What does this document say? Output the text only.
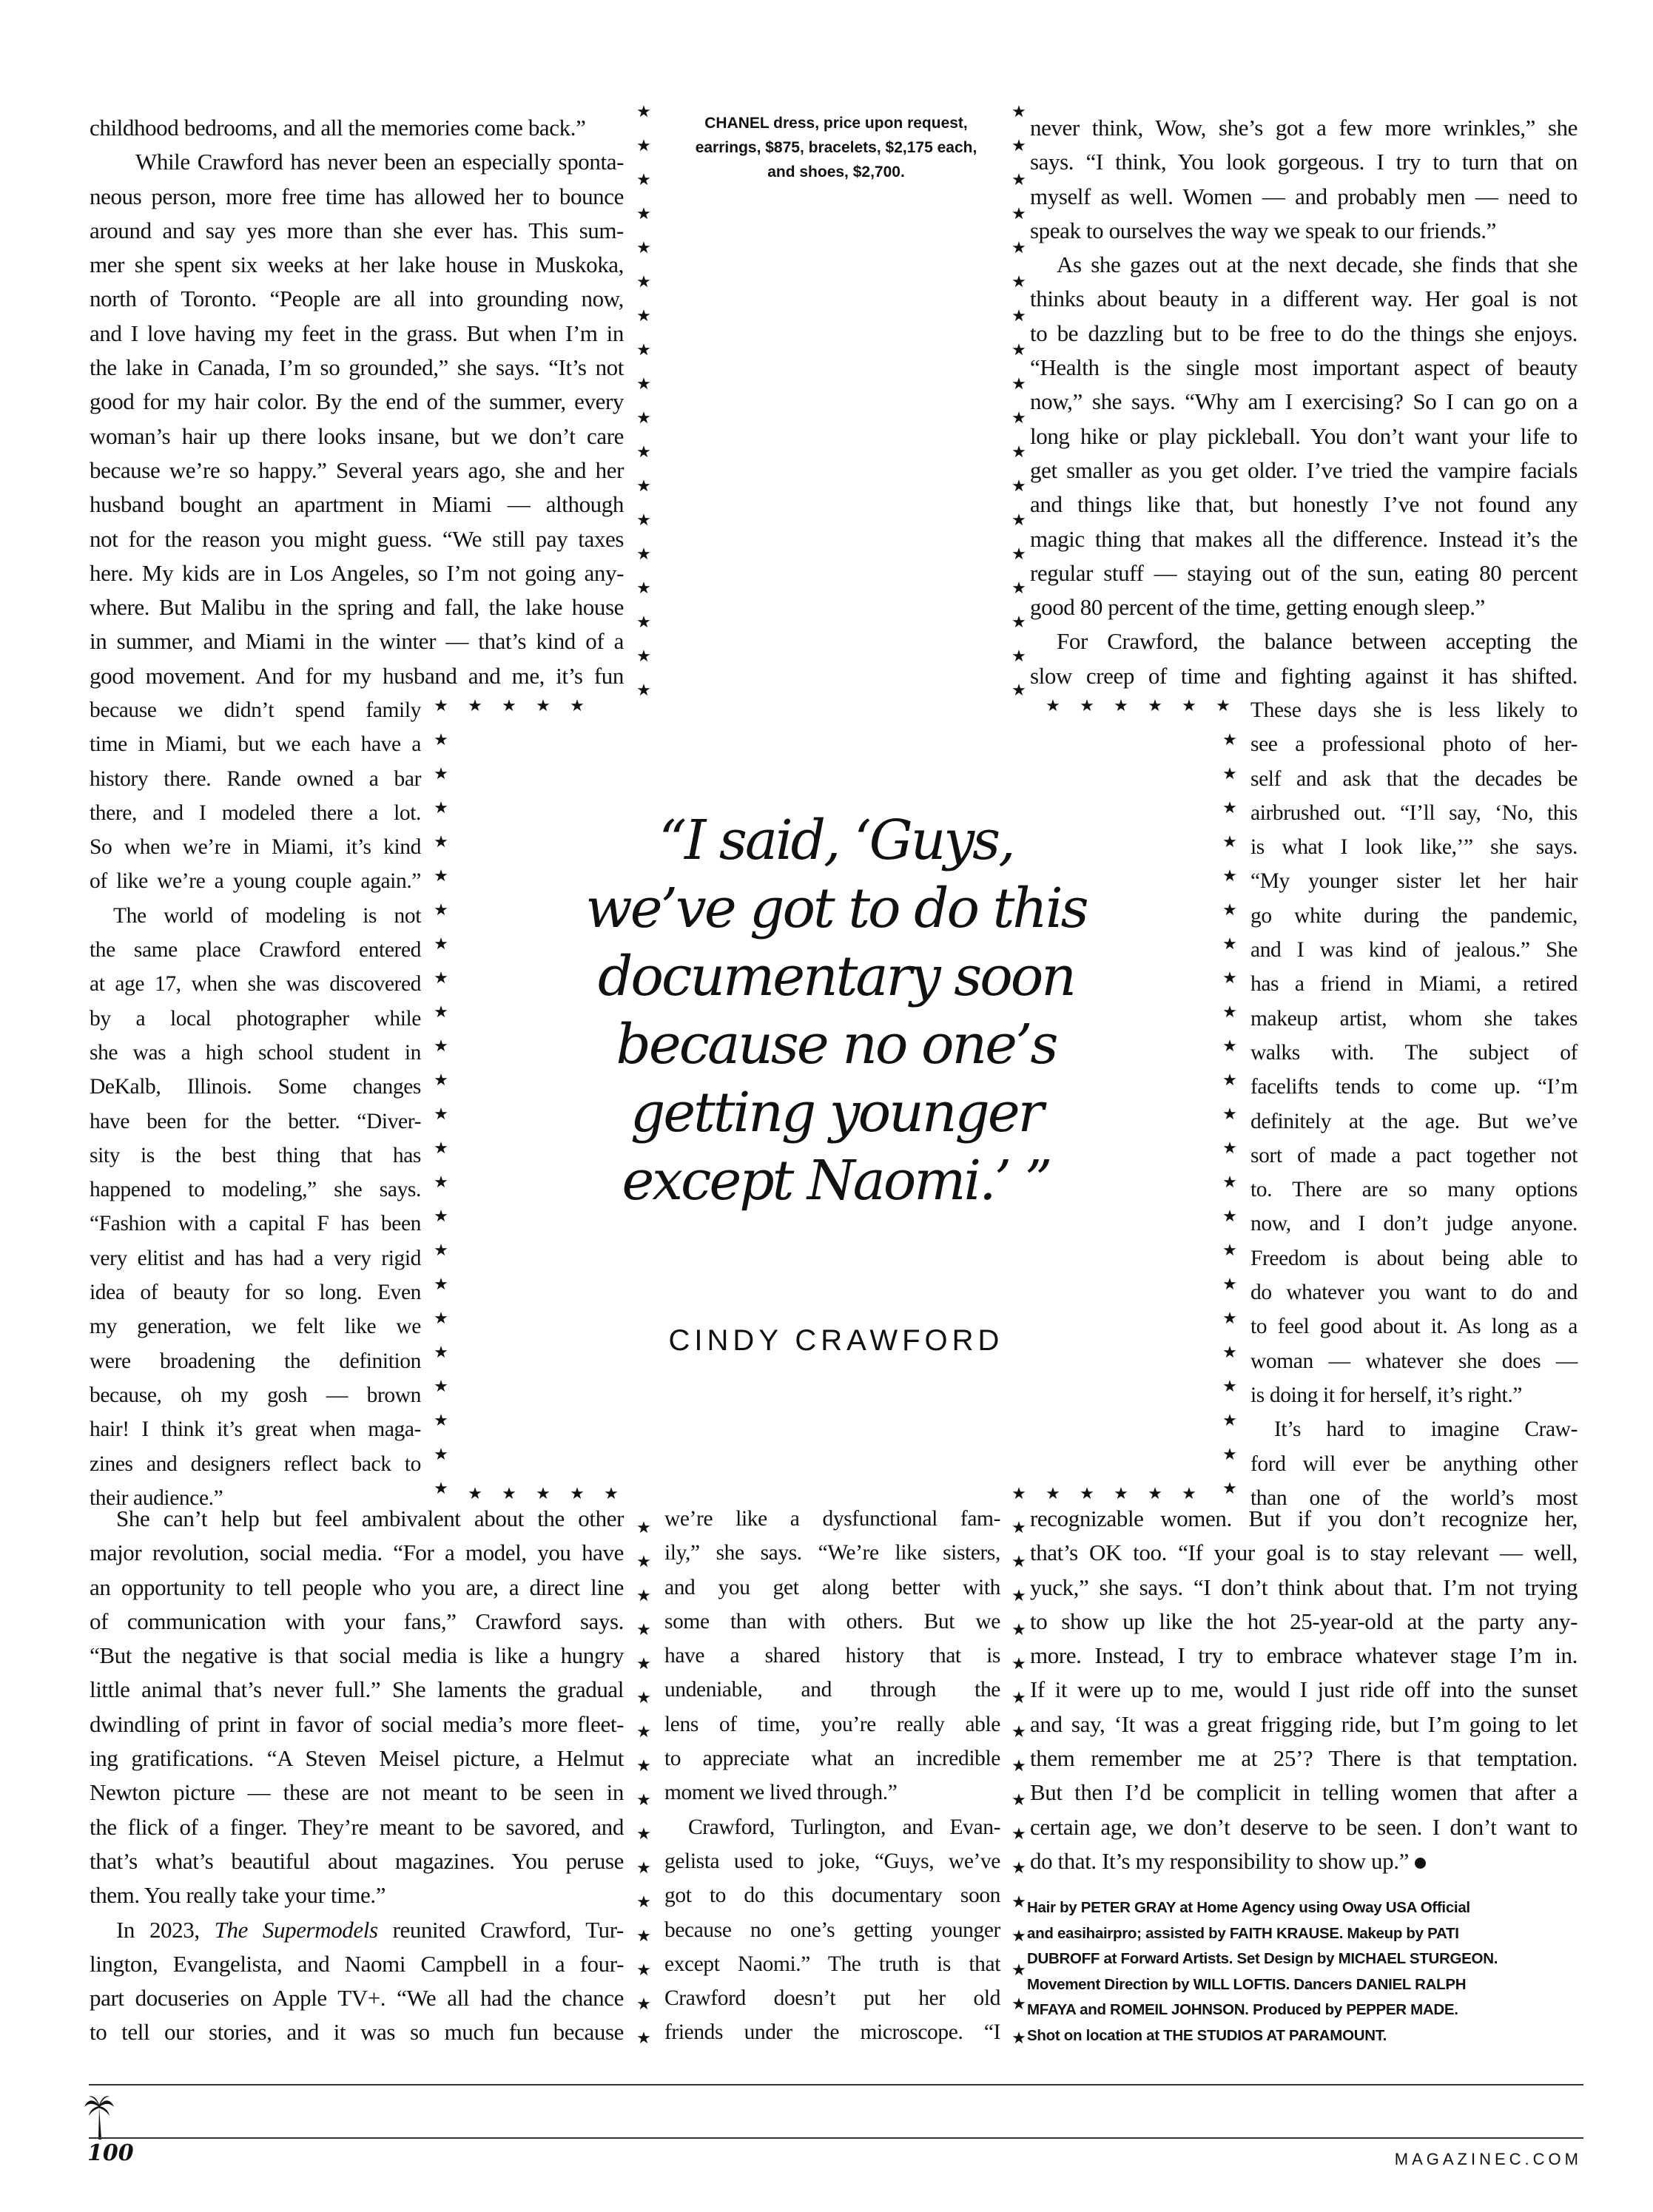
CHANEL dress, price upon request,
earrings, $875, bracelets, $2,175 each,
and shoes, $2,700.
childhood bedrooms, and all the memories come back.”
While Crawford has never been an especially sponta-
neous person, more free time has allowed her to bounce
around and say yes more than she ever has. This sum-
mer she spent six weeks at her lake house in Muskoka,
north of Toronto. “People are all into grounding now,
and I love having my feet in the grass. But when I’m in
the lake in Canada, I’m so grounded,” she says. “It’s not
good for my hair color. By the end of the summer, every
woman’s hair up there looks insane, but we don’t care
because we’re so happy.” Several years ago, she and her
husband bought an apartment in Miami — although
not for the reason you might guess. “We still pay taxes
here. My kids are in Los Angeles, so I’m not going any-
where. But Malibu in the spring and fall, the lake house
in summer, and Miami in the winter — that’s kind of a
good movement. And for my husband and me, it’s fun
because we didn’t spend family
time in Miami, but we each have a
history there. Rande owned a bar
there, and I modeled there a lot.
So when we’re in Miami, it’s kind
of like we’re a young couple again.”
The world of modeling is not
the same place Crawford entered
at age 17, when she was discovered
by a local photographer while
she was a high school student in
DeKalb, Illinois. Some changes
have been for the better. “Diver-
sity is the best thing that has
happened to modeling,” she says.
“Fashion with a capital F has been
very elitist and has had a very rigid
idea of beauty for so long. Even
my generation, we felt like we
were broadening the definition
because, oh my gosh — brown
hair! I think it’s great when maga-
zines and designers reflect back to
their audience.”
She can’t help but feel ambivalent about the other
major revolution, social media. “For a model, you have
an opportunity to tell people who you are, a direct line
of communication with your fans,” Crawford says.
“But the negative is that social media is like a hungry
little animal that’s never full.” She laments the gradual
dwindling of print in favor of social media’s more fleet-
ing gratifications. “A Steven Meisel picture, a Helmut
Newton picture — these are not meant to be seen in
the flick of a finger. They’re meant to be savored, and
that’s what’s beautiful about magazines. You peruse
them. You really take your time.”
In 2023, The Supermodels reunited Crawford, Tur-
lington, Evangelista, and Naomi Campbell in a four-
part docuseries on Apple TV+. “We all had the chance
to tell our stories, and it was so much fun because
we’re like a dysfunctional fam-
ily,” she says. “We’re like sisters,
and you get along better with
some than with others. But we
have a shared history that is
undeniable, and through the
lens of time, you’re really able
to appreciate what an incredible
moment we lived through.”
Crawford, Turlington, and Evan-
gelista used to joke, “Guys, we’ve
got to do this documentary soon
because no one’s getting younger
except Naomi.” The truth is that
Crawford doesn’t put her old
friends under the microscope. “I
never think, Wow, she’s got a few more wrinkles,” she
says. “I think, You look gorgeous. I try to turn that on
myself as well. Women — and probably men — need to
speak to ourselves the way we speak to our friends.”
As she gazes out at the next decade, she finds that she
thinks about beauty in a different way. Her goal is not
to be dazzling but to be free to do the things she enjoys.
“Health is the single most important aspect of beauty
now,” she says. “Why am I exercising? So I can go on a
long hike or play pickleball. You don’t want your life to
get smaller as you get older. I’ve tried the vampire facials
and things like that, but honestly I’ve not found any
magic thing that makes all the difference. Instead it’s the
regular stuff — staying out of the sun, eating 80 percent
good 80 percent of the time, getting enough sleep.”
For Crawford, the balance between accepting the
slow creep of time and fighting against it has shifted.
These days she is less likely to
see a professional photo of her-
self and ask that the decades be
airbrushed out. “I’ll say, ‘No, this
is what I look like,’” she says.
“My younger sister let her hair
go white during the pandemic,
and I was kind of jealous.” She
has a friend in Miami, a retired
makeup artist, whom she takes
walks with. The subject of
facelifts tends to come up. “I’m
definitely at the age. But we’ve
sort of made a pact together not
to. There are so many options
now, and I don’t judge anyone.
Freedom is about being able to
do whatever you want to do and
to feel good about it. As long as a
woman — whatever she does —
is doing it for herself, it’s right.”
It’s hard to imagine Craw-
ford will ever be anything other
than one of the world’s most
recognizable women. But if you don’t recognize her,
that’s OK too. “If your goal is to stay relevant — well,
yuck,” she says. “I don’t think about that. I’m not trying
to show up like the hot 25-year-old at the party any-
more. Instead, I try to embrace whatever stage I’m in.
If it were up to me, would I just ride off into the sunset
and say, ‘It was a great frigging ride, but I’m going to let
them remember me at 25’? There is that temptation.
But then I’d be complicit in telling women that after a
certain age, we don’t deserve to be seen. I don’t want to
do that. It’s my responsibility to show up.”
Hair by PETER GRAY at Home Agency using Oway USA Official
and easihairpro; assisted by FAITH KRAUSE. Makeup by PATI
DUBROFF at Forward Artists. Set Design by MICHAEL STURGEON.
Movement Direction by WILL LOFTIS. Dancers DANIEL RALPH
MFAYA and ROMEIL JOHNSON. Produced by PEPPER MADE.
Shot on location at THE STUDIOS AT PARAMOUNT.
“I said, ‘Guys,
we’ve got to do this
documentary soon
because no one’s
getting younger
except Naomi.’ ”
CINDY CRAWFORD
★
★
★
★
★
★
★
★
★
★
★
★
★
★
★
★
★
★
★
★
★
★
★
★
★
★
★
★
★
★
★
★
★
★
★
★
★ ★ ★ ★ ★	★ ★ ★ ★ ★ ★
★
★
★
★
★
★
★
★
★
★
★
★
★
★
★
★
★
★
★
★
★
★
★
★
★
★
★
★
★
★
★
★
★
★
★
★
★
★
★
★
★
★
★
★
★
★
★ ★ ★ ★ ★	★ ★ ★ ★ ★ ★
★
★
★
★
★
★
★
★
★
★
★
★
★
★
★
★
★
★
★
★
★
★
★
★
★
★
★
★
★
★
★
★
100	MAGAZINEC.COM
